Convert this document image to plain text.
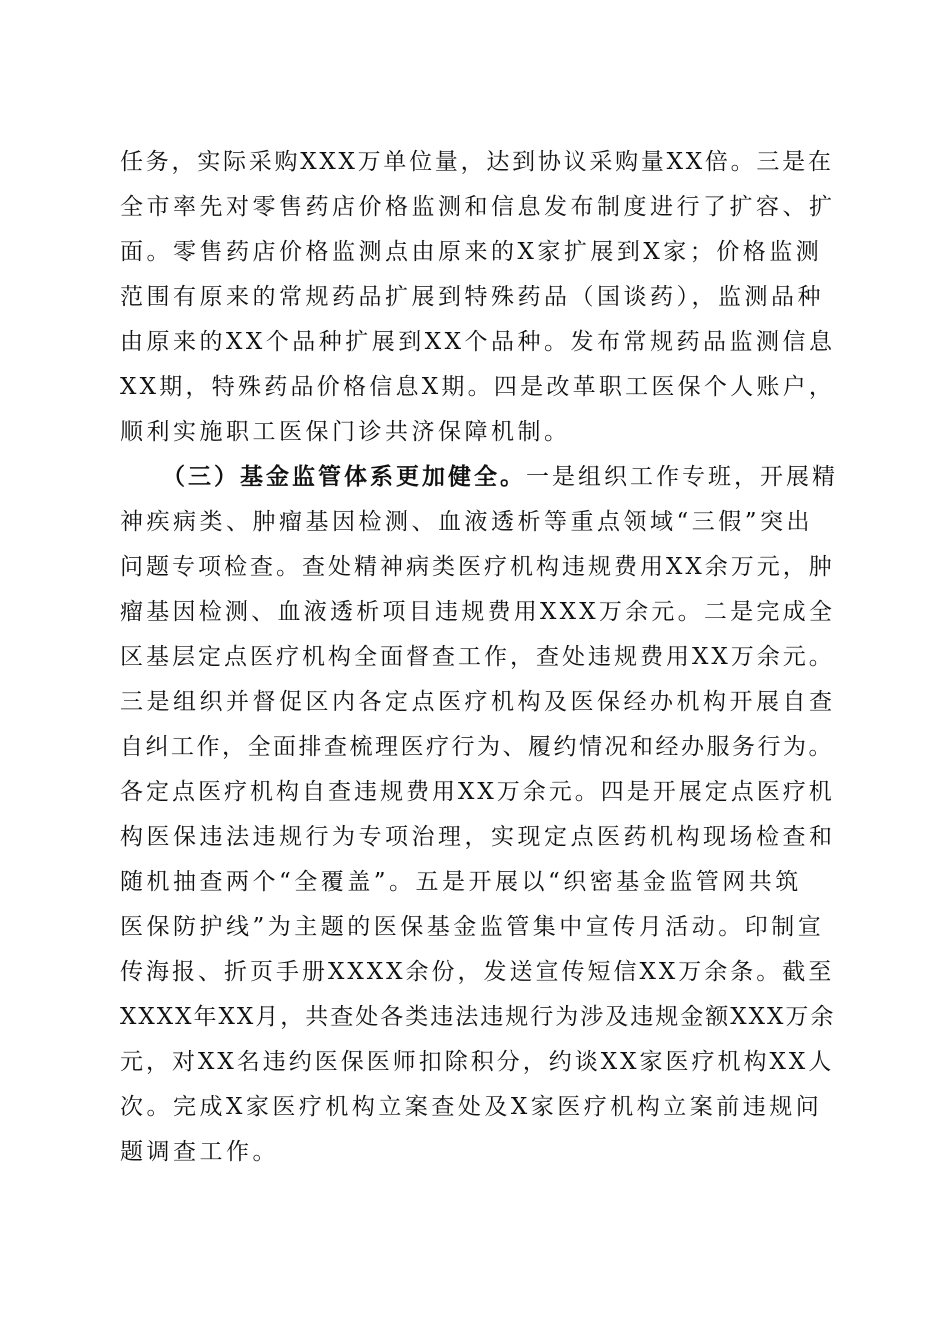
任务，实际采购XXX万单位量，达到协议采购量XX倍。三是在
全市率先对零售药店价格监测和信息发布制度进行了扩容、扩
面。零售药店价格监测点由原来的X家扩展到X家；价格监测
范围有原来的常规药品扩展到特殊药品（国谈药），监测品种
由原来的XX个品种扩展到XX个品种。发布常规药品监测信息
XX期，特殊药品价格信息X期。四是改革职工医保个人账户，
顺利实施职工医保门诊共济保障机制。
（三）基金监管体系更加健全。一是组织工作专班，开展精
神疾病类、肿瘤基因检测、血液透析等重点领域“三假”突出
问题专项检查。查处精神病类医疗机构违规费用XX余万元，肿
瘤基因检测、血液透析项目违规费用XXX万余元。二是完成全
区基层定点医疗机构全面督查工作，查处违规费用XX万余元。
三是组织并督促区内各定点医疗机构及医保经办机构开展自查
自纠工作，全面排查梳理医疗行为、履约情况和经办服务行为。
各定点医疗机构自查违规费用XX万余元。四是开展定点医疗机
构医保违法违规行为专项治理，实现定点医药机构现场检查和
随机抽查两个“全覆盖”。五是开展以“织密基金监管网共筑
医保防护线”为主题的医保基金监管集中宣传月活动。印制宣
传海报、折页手册XXXX余份，发送宣传短信XX万余条。截至
XXXX年XX月，共查处各类违法违规行为涉及违规金额XXX万余
元，对XX名违约医保医师扣除积分，约谈XX家医疗机构XX人
次。完成X家医疗机构立案查处及X家医疗机构立案前违规问
题调查工作。
